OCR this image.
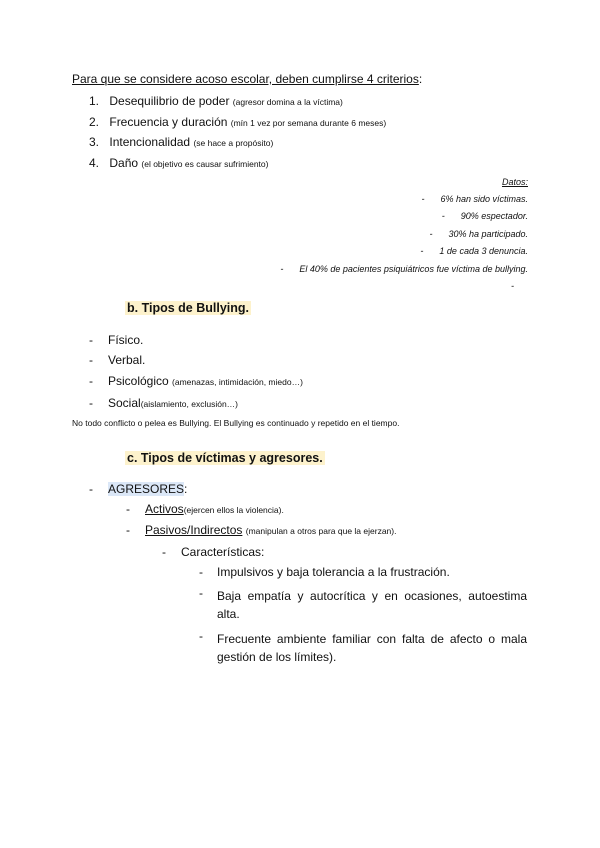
Para que se considere acoso escolar, deben cumplirse 4 criterios:
1. Desequilibrio de poder (agresor domina a la víctima)
2. Frecuencia y duración (mín 1 vez por semana durante 6 meses)
3. Intencionalidad (se hace a propósito)
4. Daño (el objetivo es causar sufrimiento)
Datos:
- 6% han sido víctimas.
- 90% espectador.
- 30% ha participado.
- 1 de cada 3 denuncia.
- El 40% de pacientes psiquiátricos fue víctima de bullying.
-
b. Tipos de Bullying.
- Físico.
- Verbal.
- Psicológico (amenazas, intimidación, miedo…)
- Social(aislamiento, exclusión…)
No todo conflicto o pelea es Bullying. El Bullying es continuado y repetido en el tiempo.
c. Tipos de víctimas y agresores.
- AGRESORES:
- Activos(ejercen ellos la violencia).
- Pasivos/Indirectos (manipulan a otros para que la ejerzan).
- Características:
- Impulsivos y baja tolerancia a la frustración.
- Baja empatía y autocrítica y en ocasiones, autoestima
alta.
- Frecuente ambiente familiar con falta de afecto o mala
gestión de los límites).
